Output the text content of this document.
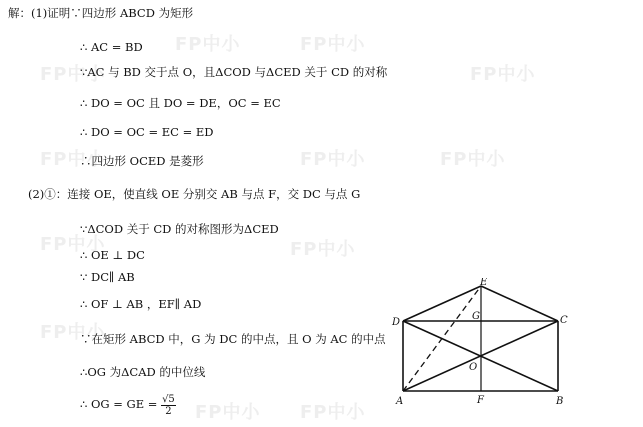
FP中小	FP中小
FP中小	FP中小
FP中小	FP中小	FP中小
FP中小	FP中小
FP中小
FP中小 FP中小
解：(1)证明∵四边形 ABCD 为矩形
∴ AC = BD
∵AC 与 BD 交于点 O，且ΔCOD 与ΔCED 关于 CD 的对称
∴ DO = OC 且 DO = DE，OC = EC
∴ DO = OC = EC = ED
∴四边形 OCED 是菱形
(2)①：连接 OE，使直线 OE 分别交 AB 与点 F，交 DC 与点 G
∵ΔCOD 关于 CD 的对称图形为ΔCED
∴ OE ⊥ DC
∵ DC∥ AB
∴ OF ⊥ AB ，EF∥ AD
∵在矩形 ABCD 中，G 为 DC 的中点，且 O 为 AC 的中点
∴OG 为ΔCAD 的中位线
∴ OG = GE = $\frac{√5}{2}$	A	B
C
D
E
F
G
O
